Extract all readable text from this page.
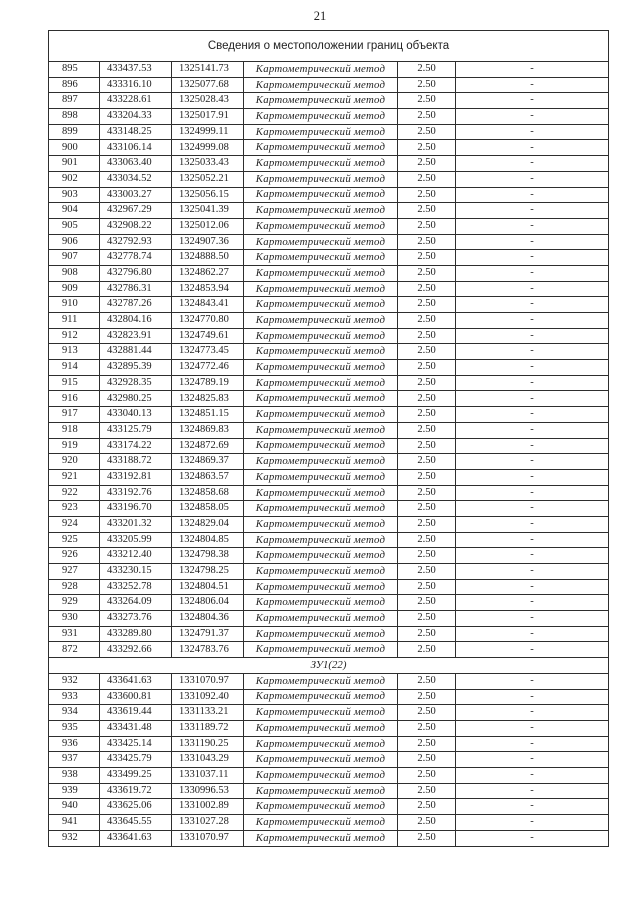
21
Сведения о местоположении границ объекта
895	433437.53	1325141.73	Картометрический метод	2.50	-
896	433316.10	1325077.68	Картометрический метод	2.50	-
897	433228.61	1325028.43	Картометрический метод	2.50	-
898	433204.33	1325017.91	Картометрический метод	2.50	-
899	433148.25	1324999.11	Картометрический метод	2.50	-
900	433106.14	1324999.08	Картометрический метод	2.50	-
901	433063.40	1325033.43	Картометрический метод	2.50	-
902	433034.52	1325052.21	Картометрический метод	2.50	-
903	433003.27	1325056.15	Картометрический метод	2.50	-
904	432967.29	1325041.39	Картометрический метод	2.50	-
905	432908.22	1325012.06	Картометрический метод	2.50	-
906	432792.93	1324907.36	Картометрический метод	2.50	-
907	432778.74	1324888.50	Картометрический метод	2.50	-
908	432796.80	1324862.27	Картометрический метод	2.50	-
909	432786.31	1324853.94	Картометрический метод	2.50	-
910	432787.26	1324843.41	Картометрический метод	2.50	-
911	432804.16	1324770.80	Картометрический метод	2.50	-
912	432823.91	1324749.61	Картометрический метод	2.50	-
913	432881.44	1324773.45	Картометрический метод	2.50	-
914	432895.39	1324772.46	Картометрический метод	2.50	-
915	432928.35	1324789.19	Картометрический метод	2.50	-
916	432980.25	1324825.83	Картометрический метод	2.50	-
917	433040.13	1324851.15	Картометрический метод	2.50	-
918	433125.79	1324869.83	Картометрический метод	2.50	-
919	433174.22	1324872.69	Картометрический метод	2.50	-
920	433188.72	1324869.37	Картометрический метод	2.50	-
921	433192.81	1324863.57	Картометрический метод	2.50	-
922	433192.76	1324858.68	Картометрический метод	2.50	-
923	433196.70	1324858.05	Картометрический метод	2.50	-
924	433201.32	1324829.04	Картометрический метод	2.50	-
925	433205.99	1324804.85	Картометрический метод	2.50	-
926	433212.40	1324798.38	Картометрический метод	2.50	-
927	433230.15	1324798.25	Картометрический метод	2.50	-
928	433252.78	1324804.51	Картометрический метод	2.50	-
929	433264.09	1324806.04	Картометрический метод	2.50	-
930	433273.76	1324804.36	Картометрический метод	2.50	-
931	433289.80	1324791.37	Картометрический метод	2.50	-
872	433292.66	1324783.76	Картометрический метод	2.50	-
ЗУ1(22)
932	433641.63	1331070.97	Картометрический метод	2.50	-
933	433600.81	1331092.40	Картометрический метод	2.50	-
934	433619.44	1331133.21	Картометрический метод	2.50	-
935	433431.48	1331189.72	Картометрический метод	2.50	-
936	433425.14	1331190.25	Картометрический метод	2.50	-
937	433425.79	1331043.29	Картометрический метод	2.50	-
938	433499.25	1331037.11	Картометрический метод	2.50	-
939	433619.72	1330996.53	Картометрический метод	2.50	-
940	433625.06	1331002.89	Картометрический метод	2.50	-
941	433645.55	1331027.28	Картометрический метод	2.50	-
932	433641.63	1331070.97	Картометрический метод	2.50	-
